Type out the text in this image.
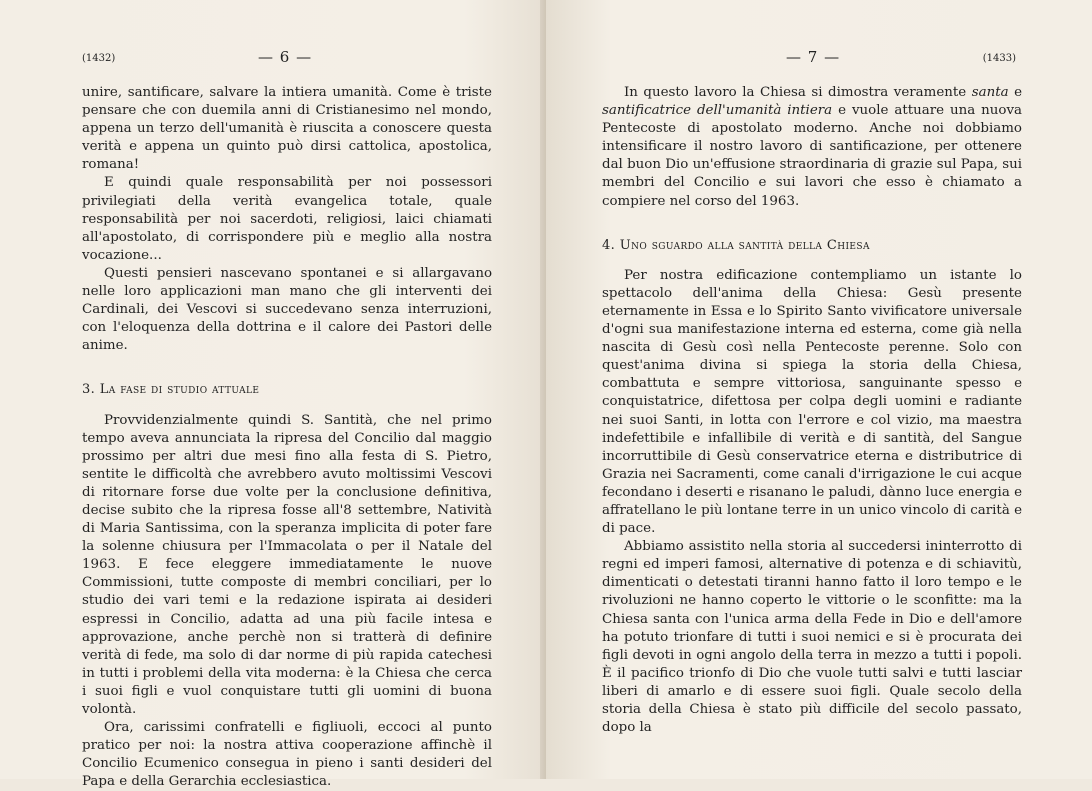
(1432)	— 6 —

unire, santificare, salvare la intiera umanità. Come è triste pensare che con duemila anni di Cristianesimo nel mondo, appena un terzo dell'umanità è riuscita a conoscere questa verità e appena un quinto può dirsi cattolica, apostolica, romana!

E quindi quale responsabilità per noi possessori privilegiati della verità evangelica totale, quale responsabilità per noi sacerdoti, religiosi, laici chiamati all'apostolato, di corrispondere più e meglio alla nostra vocazione...

Questi pensieri nascevano spontanei e si allargavano nelle loro applicazioni man mano che gli interventi dei Cardinali, dei Vescovi si succedevano senza interruzioni, con l'eloquenza della dottrina e il calore dei Pastori delle anime.

3. La fase di studio attuale

Provvidenzialmente quindi S. Santità, che nel primo tempo aveva annunciata la ripresa del Concilio dal maggio prossimo per altri due mesi fino alla festa di S. Pietro, sentite le difficoltà che avrebbero avuto moltissimi Vescovi di ritornare forse due volte per la conclusione definitiva, decise subito che la ripresa fosse all'8 settembre, Natività di Maria Santissima, con la speranza implicita di poter fare la solenne chiusura per l'Immacolata o per il Natale del 1963. E fece eleggere immediatamente le nuove Commissioni, tutte composte di membri conciliari, per lo studio dei vari temi e la redazione ispirata ai desideri espressi in Concilio, adatta ad una più facile intesa e approvazione, anche perchè non si tratterà di definire verità di fede, ma solo di dar norme di più rapida catechesi in tutti i problemi della vita moderna: è la Chiesa che cerca i suoi figli e vuol conquistare tutti gli uomini di buona volontà.

Ora, carissimi confratelli e figliuoli, eccoci al punto pratico per noi: la nostra attiva cooperazione affinchè il Concilio Ecumenico consegua in pieno i santi desideri del Papa e della Gerarchia ecclesiastica.

— 7 —	(1433)

In questo lavoro la Chiesa si dimostra veramente santa e santificatrice dell'umanità intiera e vuole attuare una nuova Pentecoste di apostolato moderno. Anche noi dobbiamo intensificare il nostro lavoro di santificazione, per ottenere dal buon Dio un'effusione straordinaria di grazie sul Papa, sui membri del Concilio e sui lavori che esso è chiamato a compiere nel corso del 1963.

4. Uno sguardo alla santità della Chiesa

Per nostra edificazione contempliamo un istante lo spettacolo dell'anima della Chiesa: Gesù presente eternamente in Essa e lo Spirito Santo vivificatore universale d'ogni sua manifestazione interna ed esterna, come già nella nascita di Gesù così nella Pentecoste perenne. Solo con quest'anima divina si spiega la storia della Chiesa, combattuta e sempre vittoriosa, sanguinante spesso e conquistatrice, difettosa per colpa degli uomini e radiante nei suoi Santi, in lotta con l'errore e col vizio, ma maestra indefettibile e infallibile di verità e di santità, del Sangue incorruttibile di Gesù conservatrice eterna e distributrice di Grazia nei Sacramenti, come canali d'irrigazione le cui acque fecondano i deserti e risanano le paludi, dànno luce energia e affratellano le più lontane terre in un unico vincolo di carità e di pace.

Abbiamo assistito nella storia al succedersi ininterrotto di regni ed imperi famosi, alternative di potenza e di schiavitù, dimenticati o detestati tiranni hanno fatto il loro tempo e le rivoluzioni ne hanno coperto le vittorie o le sconfitte: ma la Chiesa santa con l'unica arma della Fede in Dio e dell'amore ha potuto trionfare di tutti i suoi nemici e si è procurata dei figli devoti in ogni angolo della terra in mezzo a tutti i popoli. È il pacifico trionfo di Dio che vuole tutti salvi e tutti lasciar liberi di amarlo e di essere suoi figli. Quale secolo della storia della Chiesa è stato più difficile del secolo passato, dopo la
